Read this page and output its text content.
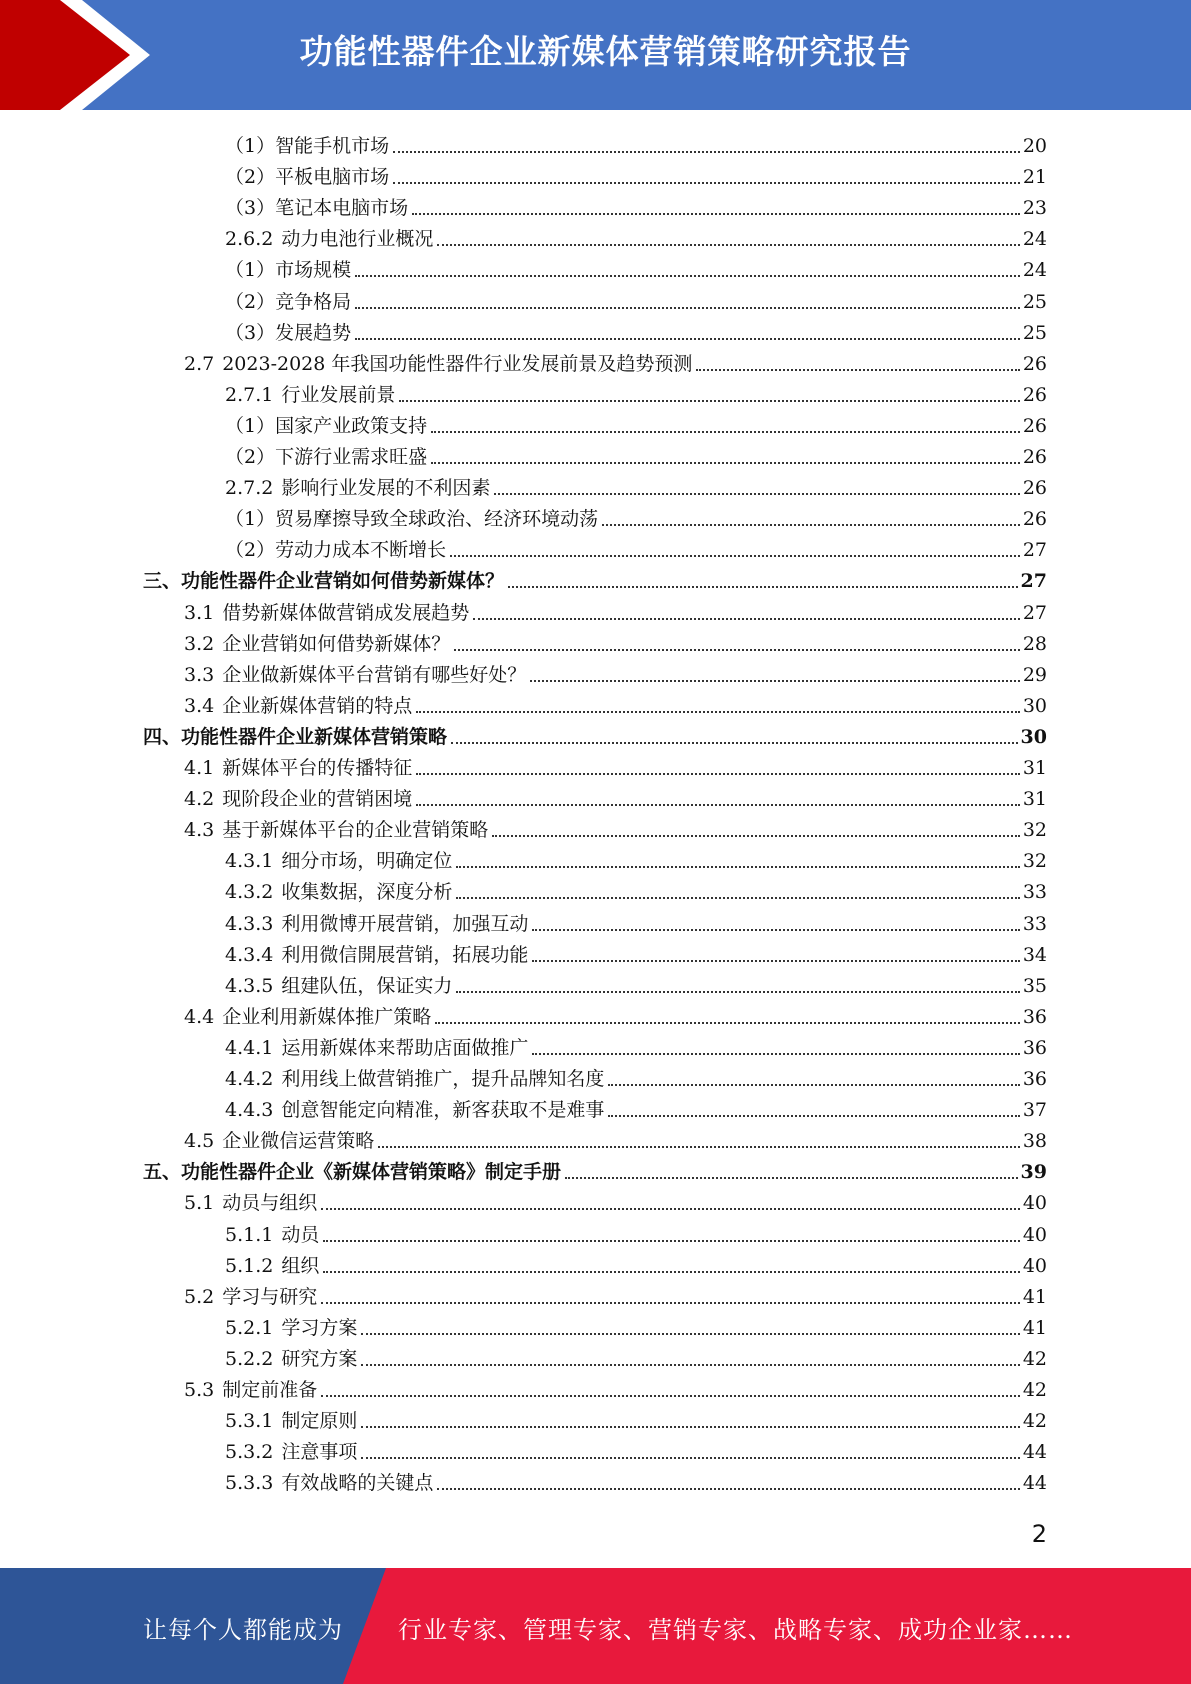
功能性器件企业新媒体营销策略研究报告
（1） 智能手机市场	20
（2） 平板电脑市场	21
（3） 笔记本电脑市场	23
2.6.2 动力电池行业概况	24
（1） 市场规模	24
（2） 竞争格局	25
（3） 发展趋势	25
2.7 2023-2028 年我国功能性器件行业发展前景及趋势预测	26
2.7.1 行业发展前景	26
（1） 国家产业政策支持	26
（2） 下游行业需求旺盛	26
2.7.2 影响行业发展的不利因素	26
（1） 贸易摩擦导致全球政治、经济环境动荡	26
（2） 劳动力成本不断增长	27
三、 功能性器件企业营销如何借势新媒体？	27
3.1 借势新媒体做营销成发展趋势	27
3.2 企业营销如何借势新媒体？	28
3.3 企业做新媒体平台营销有哪些好处？	29
3.4 企业新媒体营销的特点	30
四、 功能性器件企业新媒体营销策略	30
4.1 新媒体平台的传播特征	31
4.2 现阶段企业的营销困境	31
4.3 基于新媒体平台的企业营销策略	32
4.3.1 细分市场，明确定位	32
4.3.2 收集数据，深度分析	33
4.3.3 利用微博开展营销，加强互动	33
4.3.4 利用微信開展营销，拓展功能	34
4.3.5 组建队伍，保证实力	35
4.4 企业利用新媒体推广策略	36
4.4.1 运用新媒体来帮助店面做推广	36
4.4.2 利用线上做营销推广，提升品牌知名度	36
4.4.3 创意智能定向精准，新客获取不是难事	37
4.5 企业微信运营策略	38
五、 功能性器件企业《新媒体营销策略》制定手册	39
5.1 动员与组织	40
5.1.1 动员	40
5.1.2 组织	40
5.2 学习与研究	41
5.2.1 学习方案	41
5.2.2 研究方案	42
5.3 制定前准备	42
5.3.1 制定原则	42
5.3.2 注意事项	44
5.3.3 有效战略的关键点	44
2
让每个人都能成为 行业专家、管理专家、营销专家、战略专家、成功企业家……
